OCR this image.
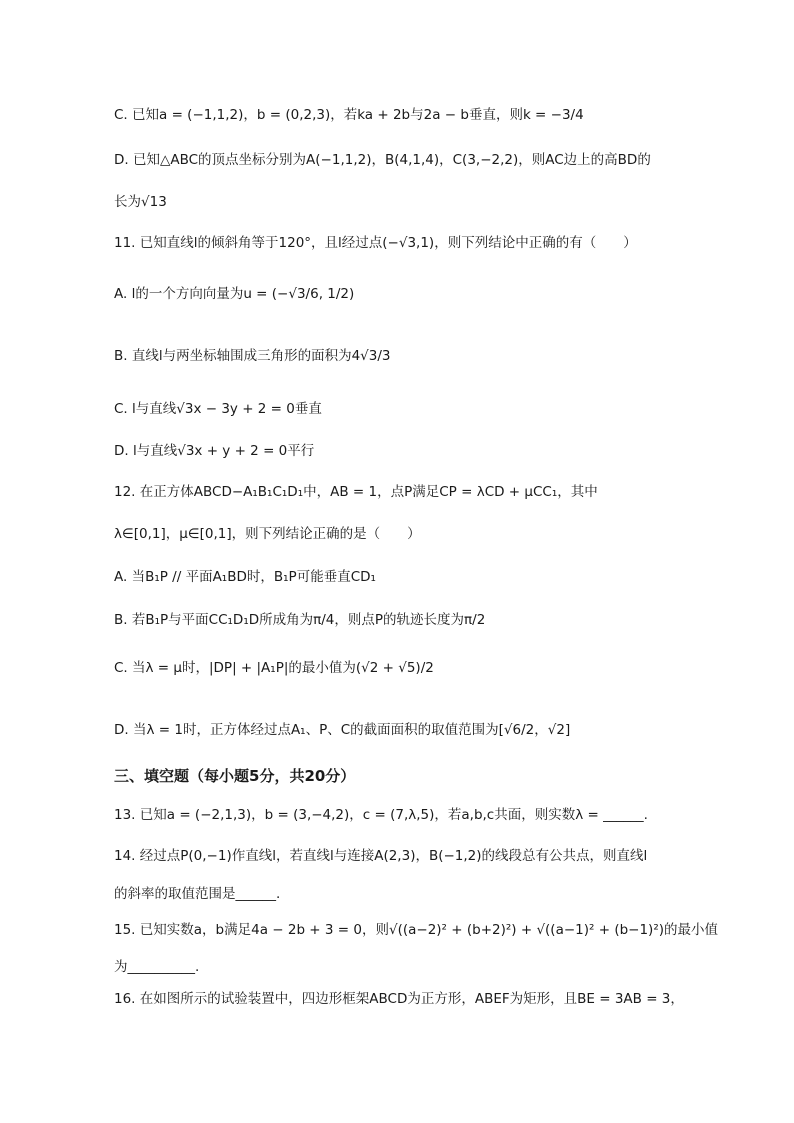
C. 已知a = (−1,1,2)，b = (0,2,3)，若ka + 2b与2a − b垂直，则k = −3/4
D. 已知△ABC的顶点坐标分别为A(−1,1,2)，B(4,1,4)，C(3,−2,2)，则AC边上的高BD的
长为√13
11. 已知直线l的倾斜角等于120°，且l经过点(−√3,1)，则下列结论中正确的有（　　）
A. l的一个方向向量为u = (−√3/6, 1/2)
B. 直线l与两坐标轴围成三角形的面积为4√3/3
C. l与直线√3x − 3y + 2 = 0垂直
D. l与直线√3x + y + 2 = 0平行
12. 在正方体ABCD−A₁B₁C₁D₁中，AB = 1，点P满足CP = λCD + μCC₁，其中
λ∈[0,1]，μ∈[0,1]，则下列结论正确的是（　　）
A. 当B₁P // 平面A₁BD时，B₁P可能垂直CD₁
B. 若B₁P与平面CC₁D₁D所成角为π/4，则点P的轨迹长度为π/2
C. 当λ = μ时，|DP| + |A₁P|的最小值为(√2 + √5)/2
D. 当λ = 1时，正方体经过点A₁、P、C的截面面积的取值范围为[√6/2，√2]
三、填空题（每小题5分，共20分）
13. 已知a = (−2,1,3)，b = (3,−4,2)，c = (7,λ,5)，若a,b,c共面，则实数λ = ______.
14. 经过点P(0,−1)作直线l，若直线l与连接A(2,3)，B(−1,2)的线段总有公共点，则直线l
的斜率的取值范围是______.
15. 已知实数a，b满足4a − 2b + 3 = 0，则√((a−2)² + (b+2)²) + √((a−1)² + (b−1)²)的最小值
为__________.
16. 在如图所示的试验装置中，四边形框架ABCD为正方形，ABEF为矩形，且BE = 3AB = 3，
